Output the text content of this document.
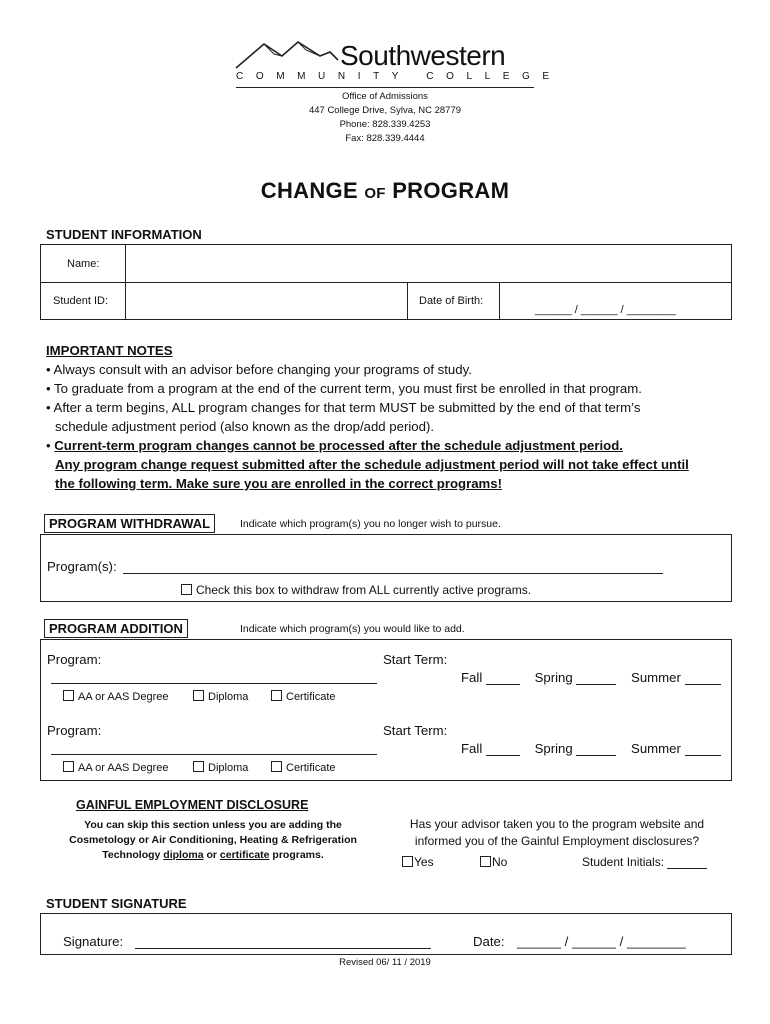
Southwestern
COMMUNITY COLLEGE
Office of Admissions
447 College Drive, Sylva, NC 28779
Phone: 828.339.4253
Fax: 828.339.4444
CHANGE OF PROGRAM
STUDENT INFORMATION
Name:
Student ID:	Date of Birth:
______ / ______ / ________
IMPORTANT NOTES
• Always consult with an advisor before changing your programs of study.
• To graduate from a program at the end of the current term, you must first be enrolled in that program.
• After a term begins, ALL program changes for that term MUST be submitted by the end of that term’s
schedule adjustment period (also known as the drop/add period).
• Current-term program changes cannot be processed after the schedule adjustment period.
Any program change request submitted after the schedule adjustment period will not take effect until
the following term. Make sure you are enrolled in the correct programs!
PROGRAM WITHDRAWAL	Indicate which program(s) you no longer wish to pursue.
Program(s):
Check this box to withdraw from ALL currently active programs.
PROGRAM ADDITION	Indicate which program(s) you would like to add.
Program:
AA or AAS Degree	Diploma	Certificate
Start Term:
Fall	Spring	Summer
Program:
AA or AAS Degree	Diploma	Certificate
Start Term:
Fall	Spring	Summer
GAINFUL EMPLOYMENT DISCLOSURE
You can skip this section unless you are adding the
Cosmetology or Air Conditioning, Heating & Refrigeration
Technology diploma or certificate programs.
Has your advisor taken you to the program website and
informed you of the Gainful Employment disclosures?
Yes	No	Student Initials:
STUDENT SIGNATURE
Signature:	Date: ______ / ______ / ________
Revised 06/ 11 / 2019
